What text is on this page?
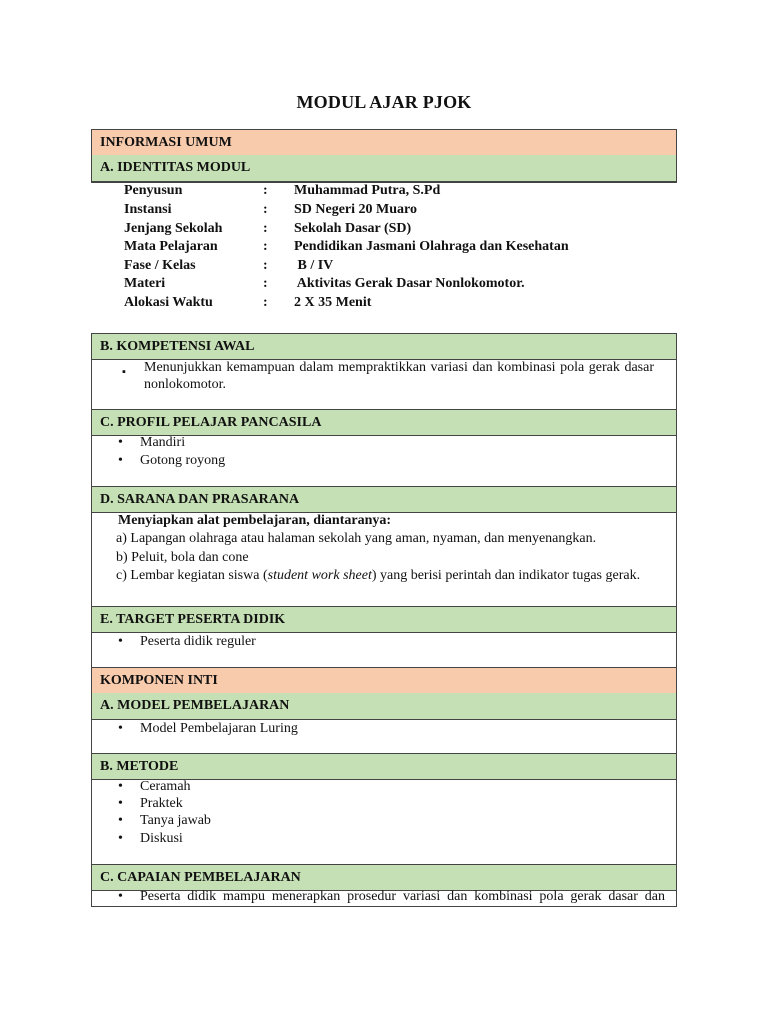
MODUL AJAR PJOK
INFORMASI UMUM
A. IDENTITAS MODUL
Penyusun	: Muhammad Putra, S.Pd
Instansi	: SD Negeri 20 Muaro
Jenjang Sekolah	: Sekolah Dasar (SD)
Mata Pelajaran	: Pendidikan Jasmani Olahraga dan Kesehatan
Fase / Kelas	: B / IV
Materi	: Aktivitas Gerak Dasar Nonlokomotor.
Alokasi Waktu	: 2 X 35 Menit
B. KOMPETENSI AWAL
▪ Menunjukkan kemampuan dalam mempraktikkan variasi dan kombinasi pola gerak dasar nonlokomotor.
C. PROFIL PELAJAR PANCASILA
• Mandiri
• Gotong royong
D. SARANA DAN PRASARANA
Menyiapkan alat pembelajaran, diantaranya:
a) Lapangan olahraga atau halaman sekolah yang aman, nyaman, dan menyenangkan.
b) Peluit, bola dan cone
c) Lembar kegiatan siswa (student work sheet) yang berisi perintah dan indikator tugas gerak.
E. TARGET PESERTA DIDIK
• Peserta didik reguler
KOMPONEN INTI
A. MODEL PEMBELAJARAN
• Model Pembelajaran Luring
B. METODE
• Ceramah
• Praktek
• Tanya jawab
• Diskusi
C. CAPAIAN PEMBELAJARAN
• Peserta didik mampu menerapkan prosedur variasi dan kombinasi pola gerak dasar dan
